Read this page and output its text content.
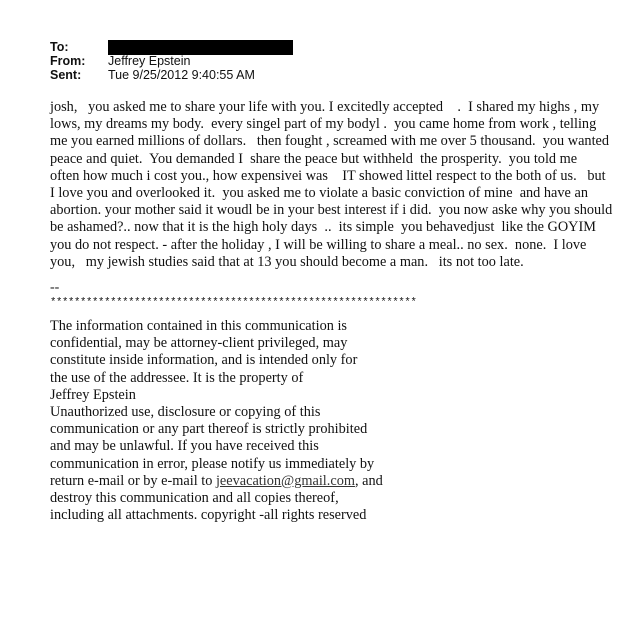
To:
From:	Jeffrey Epstein
Sent:	Tue 9/25/2012 9:40:55 AM
josh,   you asked me to share your life with you. I excitedly accepted    .  I shared my highs , my
lows, my dreams my body.  every singel part of my bodyl .  you came home from work , telling
me you earned millions of dollars.   then fought , screamed with me over 5 thousand.  you wanted
peace and quiet.  You demanded I  share the peace but withheld  the prosperity.  you told me
often how much i cost you., how expensivei was    IT showed littel respect to the both of us.   but
I love you and overlooked it.  you asked me to violate a basic conviction of mine  and have an
abortion. your mother said it woudl be in your best interest if i did.  you now aske why you should
be ashamed?.. now that it is the high holy days  ..  its simple  you behavedjust  like the GOYIM
you do not respect. - after the holiday , I will be willing to share a meal.. no sex.  none.  I love
you,   my jewish studies said that at 13 you should become a man.   its not too late.
--
*************************************************************
The information contained in this communication is
confidential, may be attorney-client privileged, may
constitute inside information, and is intended only for
the use of the addressee. It is the property of
Jeffrey Epstein
Unauthorized use, disclosure or copying of this
communication or any part thereof is strictly prohibited
and may be unlawful. If you have received this
communication in error, please notify us immediately by
return e-mail or by e-mail to jeevacation@gmail.com, and
destroy this communication and all copies thereof,
including all attachments. copyright -all rights reserved
